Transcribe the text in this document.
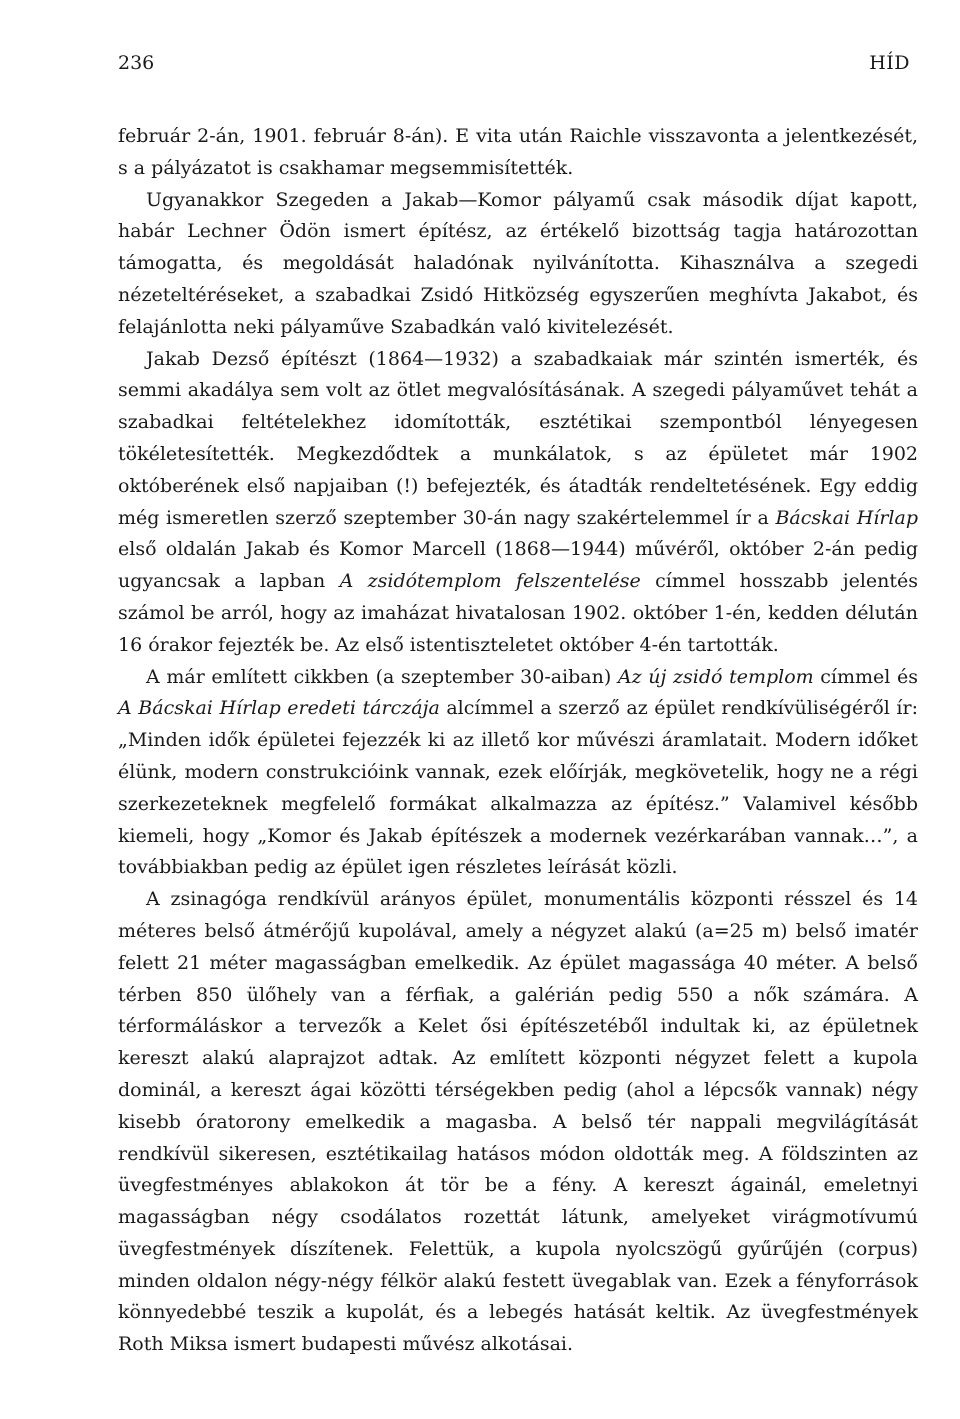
236	HÍD

február 2-án, 1901. február 8-án). E vita után Raichle visszavonta a jelentkezését, s a pályázatot is csakhamar megsemmisítették.

Ugyanakkor Szegeden a Jakab—Komor pályamű csak második díjat kapott, habár Lechner Ödön ismert építész, az értékelő bizottság tagja határozottan támogatta, és megoldását haladónak nyilvánította. Kihasználva a szegedi nézeteltéréseket, a szabadkai Zsidó Hitközség egyszerűen meghívta Jakabot, és felajánlotta neki pályaműve Szabadkán való kivitelezését.

Jakab Dezső építészt (1864—1932) a szabadkaiak már szintén ismerték, és semmi akadálya sem volt az ötlet megvalósításának. A szegedi pályaművet tehát a szabadkai feltételekhez idomították, esztétikai szempontból lényegesen tökéletesítették. Megkezdődtek a munkálatok, s az épületet már 1902 októberének első napjaiban (!) befejezték, és átadták rendeltetésének. Egy eddig még ismeretlen szerző szeptember 30-án nagy szakértelemmel ír a Bácskai Hírlap első oldalán Jakab és Komor Marcell (1868—1944) művéről, október 2-án pedig ugyancsak a lapban A zsidótemplom felszentelése címmel hosszabb jelentés számol be arról, hogy az imaházat hivatalosan 1902. október 1-én, kedden délután 16 órakor fejezték be. Az első istentiszteletet október 4-én tartották.

A már említett cikkben (a szeptember 30-aiban) Az új zsidó templom címmel és A Bácskai Hírlap eredeti tárczája alcímmel a szerző az épület rendkívüliségéről ír: „Minden idők épületei fejezzék ki az illető kor művészi áramlatait. Modern időket élünk, modern construkcióink vannak, ezek előírják, megkövetelik, hogy ne a régi szerkezeteknek megfelelő formákat alkalmazza az építész.” Valamivel később kiemeli, hogy „Komor és Jakab építészek a modernek vezérkarában vannak…”, a továbbiakban pedig az épület igen részletes leírását közli.

A zsinagóga rendkívül arányos épület, monumentális központi résszel és 14 méteres belső átmérőjű kupolával, amely a négyzet alakú (a=25 m) belső imatér felett 21 méter magasságban emelkedik. Az épület magassága 40 méter. A belső térben 850 ülőhely van a férfiak, a galérián pedig 550 a nők számára. A térformáláskor a tervezők a Kelet ősi építészetéből indultak ki, az épületnek kereszt alakú alaprajzot adtak. Az említett központi négyzet felett a kupola dominál, a kereszt ágai közötti térségekben pedig (ahol a lépcsők vannak) négy kisebb óratorony emelkedik a magasba. A belső tér nappali megvilágítását rendkívül sikeresen, esztétikailag hatásos módon oldották meg. A földszinten az üvegfestményes ablakokon át tör be a fény. A kereszt ágainál, emeletnyi magasságban négy csodálatos rozettát látunk, amelyeket virágmotívumú üvegfestmények díszítenek. Felettük, a kupola nyolcszögű gyűrűjén (corpus) minden oldalon négy-négy félkör alakú festett üvegablak van. Ezek a fényforrások könnyedebbé teszik a kupolát, és a lebegés hatását keltik. Az üvegfestmények Roth Miksa ismert budapesti művész alkotásai.
